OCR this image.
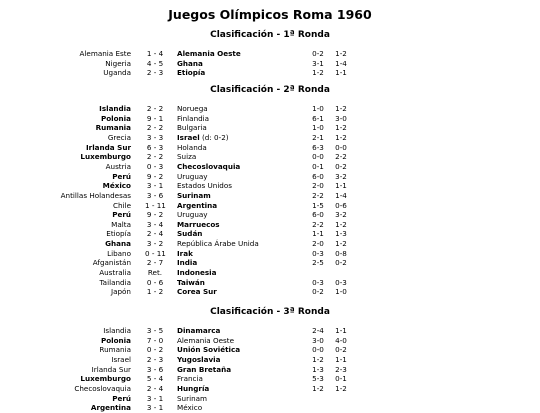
Juegos Olímpicos Roma 1960
Clasificación - 1ª Ronda
Alemania Este 1 - 4 Alemania Oeste	0-2	1-2
Nigeria 4 - 5 Ghana	3-1	1-4
Uganda 2 - 3 Etiopía	1-2	1-1
Clasificación - 2ª Ronda
Islandia 2 - 2 Noruega	1-0	1-2
Polonia 9 - 1 Finlandia	6-1	3-0
Rumania 2 - 2 Bulgaria	1-0	1-2
Grecia 3 - 3 Israel (d: 0-2)	2-1	1-2
Irlanda Sur 6 - 3 Holanda	6-3	0-0
Luxemburgo 2 - 2 Suiza	0-0	2-2
Austria 0 - 3 Checoslovaquia	0-1	0-2
Perú 9 - 2 Uruguay	6-0	3-2
México 3 - 1 Estados Unidos	2-0	1-1
Antillas Holandesas 3 - 6 Surinam	2-2	1-4
Chile 1 - 11 Argentina	1-5	0-6
Perú 9 - 2 Uruguay	6-0	3-2
Malta 3 - 4 Marruecos	2-2	1-2
Etiopía 2 - 4 Sudán	1-1	1-3
Ghana 3 - 2 República Árabe Unida	2-0	1-2
Libano 0 - 11 Irak	0-3	0-8
Afganistán 2 - 7 India	2-5	0-2
Australia	Ret.	Indonesia
Tailandia 0 - 6 Taiwán	0-3	0-3
Japón 1 - 2 Corea Sur	0-2	1-0
Clasificación - 3ª Ronda
Islandia 3 - 5 Dinamarca	2-4	1-1
Polonia 7 - 0 Alemania Oeste	3-0	4-0
Rumania 0 - 2 Unión Soviética	0-0	0-2
Israel 2 - 3 Yugoslavia	1-2	1-1
Irlanda Sur 3 - 6 Gran Bretaña	1-3	2-3
Luxemburgo 5 - 4 Francia	5-3	0-1
Checoslovaquia 2 - 4 Hungría	1-2	1-2
Perú 3 - 1 Surinam
Argentina 3 - 1 México
